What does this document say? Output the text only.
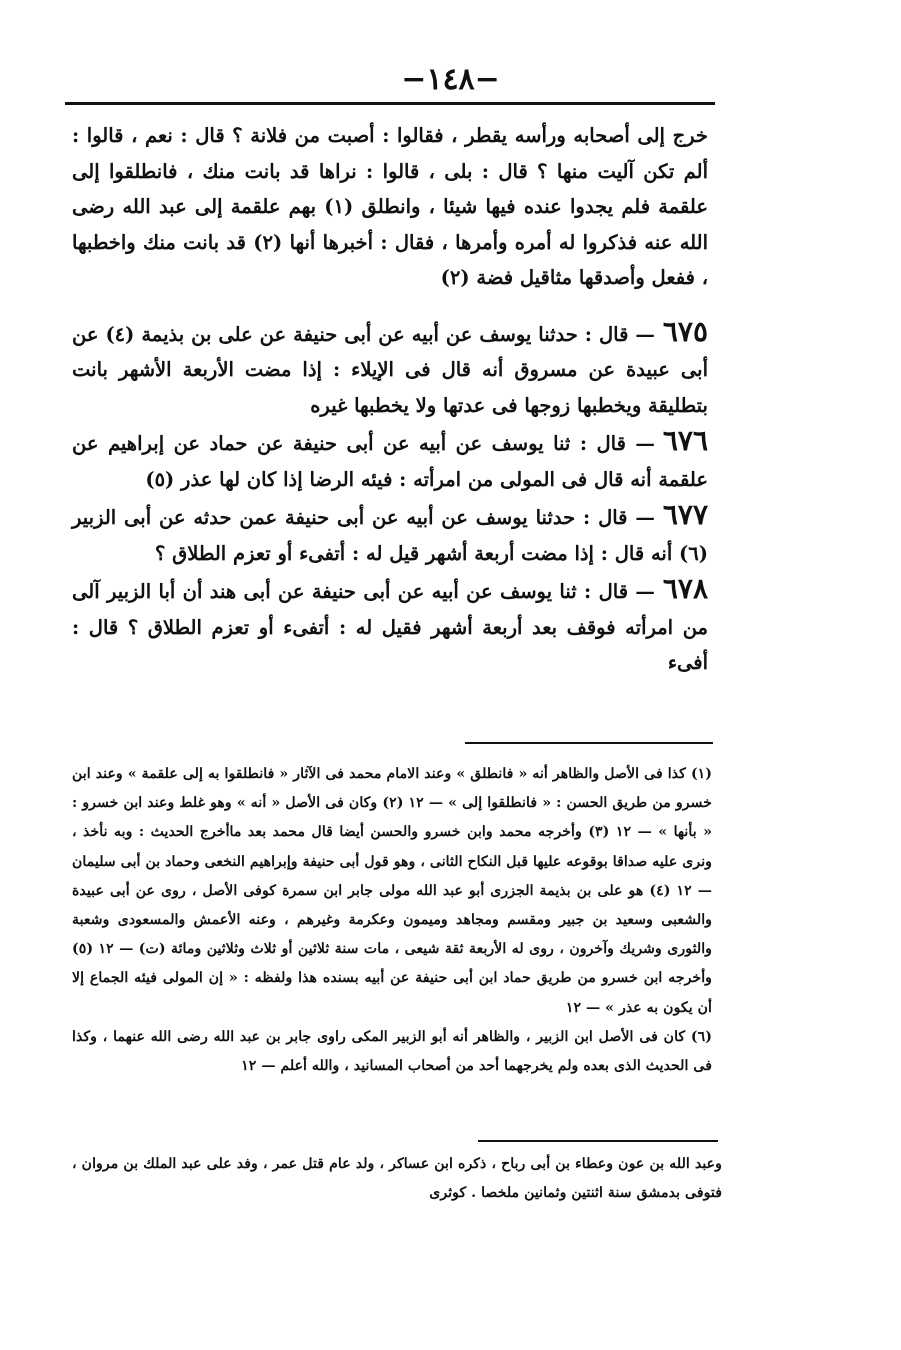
−١٤٨−

خرج إلى أصحابه ورأسه يقطر ، فقالوا : أصبت من فلانة ؟ قال : نعم ، قالوا : ألم تكن آليت منها ؟ قال : بلى ، قالوا : نراها قد بانت منك ، فانطلقوا إلى علقمة فلم يجدوا عنده فيها شيئا ، وانطلق (١) بهم علقمة إلى عبد الله رضى الله عنه فذكروا له أمره وأمرها ، فقال : أخبرها أنها (٢) قد بانت منك واخطبها ، ففعل وأصدقها مثاقيل فضة (٢)

٦٧٥— قال : حدثنا يوسف عن أبيه عن أبى حنيفة عن على بن بذيمة (٤) عن أبى عبيدة عن مسروق أنه قال فى الإيلاء : إذا مضت الأربعة الأشهر بانت بتطليقة ويخطبها زوجها فى عدتها ولا يخطبها غيره

٦٧٦— قال : ثنا يوسف عن أبيه عن أبى حنيفة عن حماد عن إبراهيم عن علقمة أنه قال فى المولى من امرأته : فيئه الرضا إذا كان لها عذر (٥)

٦٧٧— قال : حدثنا يوسف عن أبيه عن أبى حنيفة عمن حدثه عن أبى الزبير (٦) أنه قال : إذا مضت أربعة أشهر قيل له : أتفىء أو تعزم الطلاق ؟

٦٧٨— قال : ثنا يوسف عن أبيه عن أبى حنيفة عن أبى هند أن أبا الزبير آلى من امرأته فوقف بعد أربعة أشهر فقيل له : أتفىء أو تعزم الطلاق ؟ قال : أفىء

(١) كذا فى الأصل والظاهر أنه « فانطلق » وعند الامام محمد فى الآثار « فانطلقوا به إلى علقمة » وعند ابن خسرو من طريق الحسن : « فانطلقوا إلى » — ١٢ (٢) وكان فى الأصل « أنه » وهو غلط وعند ابن خسرو : « بأنها » — ١٢ (٣) وأخرجه محمد وابن خسرو والحسن أيضا قال محمد بعد ماأخرج الحديث : وبه نأخذ ، ونرى عليه صداقا بوقوعه عليها قبل النكاح الثانى ، وهو قول أبى حنيفة وإبراهيم النخعى وحماد بن أبى سليمان — ١٢ (٤) هو على بن بذيمة الجزرى أبو عبد الله مولى جابر ابن سمرة كوفى الأصل ، روى عن أبى عبيدة والشعبى وسعيد بن جبير ومقسم ومجاهد وميمون وعكرمة وغيرهم ، وعنه الأعمش والمسعودى وشعبة والثورى وشريك وآخرون ، روى له الأربعة ثقة شيعى ، مات سنة ثلاثين أو ثلاث وثلاثين ومائة (ت) — ١٢ (٥) وأخرجه ابن خسرو من طريق حماد ابن أبى حنيفة عن أبيه بسنده هذا ولفظه : « إن المولى فيئه الجماع إلا أن يكون به عذر » — ١٢

(٦) كان فى الأصل ابن الزبير ، والظاهر أنه أبو الزبير المكى راوى جابر بن عبد الله رضى الله عنهما ، وكذا فى الحديث الذى بعده ولم يخرجهما أحد من أصحاب المسانيد ، والله أعلم — ١٢

وعبد الله بن عون وعطاء بن أبى رباح ، ذكره ابن عساكر ، ولد عام قتل عمر ، وفد على عبد الملك بن مروان ، فتوفى بدمشق سنة اثنتين وثمانين ملخصا . كوثرى
